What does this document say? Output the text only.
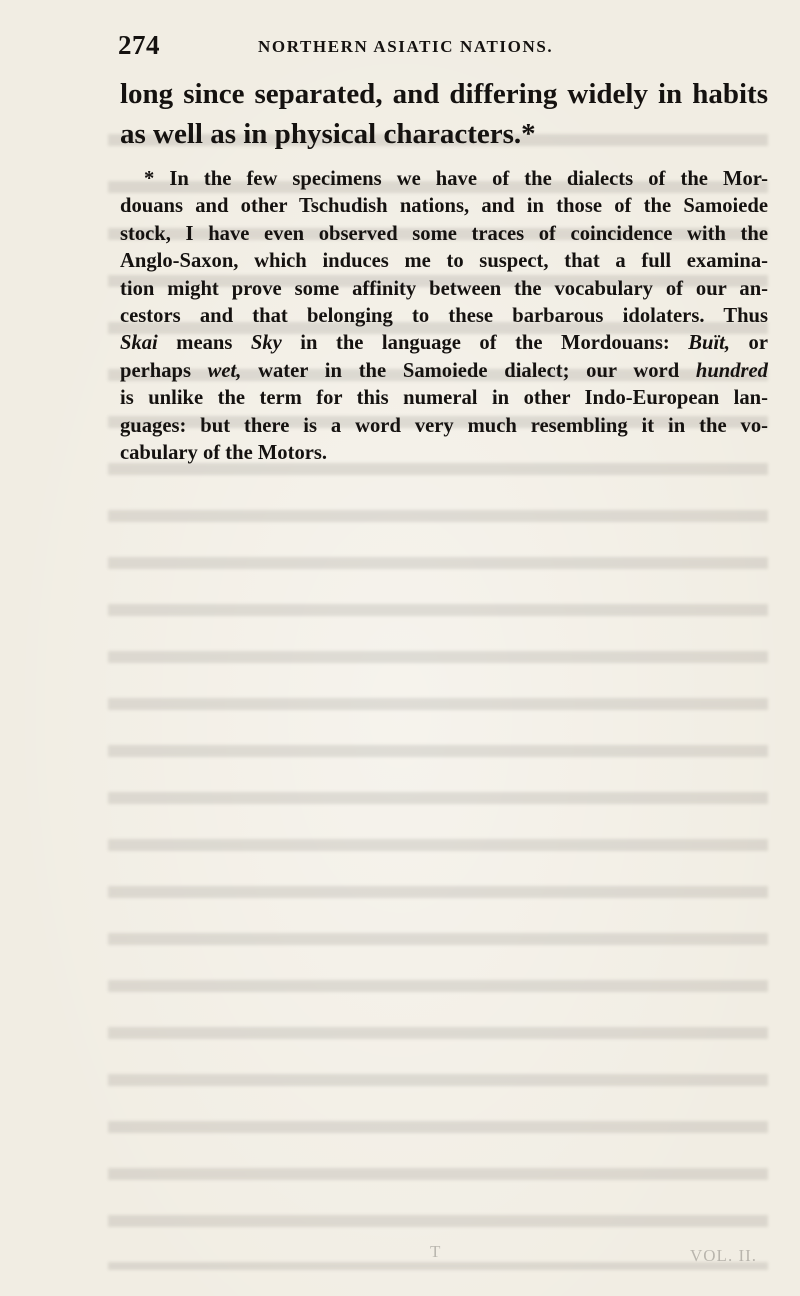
274	NORTHERN ASIATIC NATIONS.
long since separated, and differing widely in habits
as well as in physical characters.*
* In the few specimens we have of the dialects of the Mor-
douans and other Tschudish nations, and in those of the Samoiede
stock, I have even observed some traces of coincidence with the
Anglo-Saxon, which induces me to suspect, that a full examina-
tion might prove some affinity between the vocabulary of our an-
cestors and that belonging to these barbarous idolaters. Thus
Skai means Sky in the language of the Mordouans: Buït, or
perhaps wet, water in the Samoiede dialect; our word hundred
is unlike the term for this numeral in other Indo-European lan-
guages: but there is a word very much resembling it in the vo-
cabulary of the Motors.
T	VOL. II.
